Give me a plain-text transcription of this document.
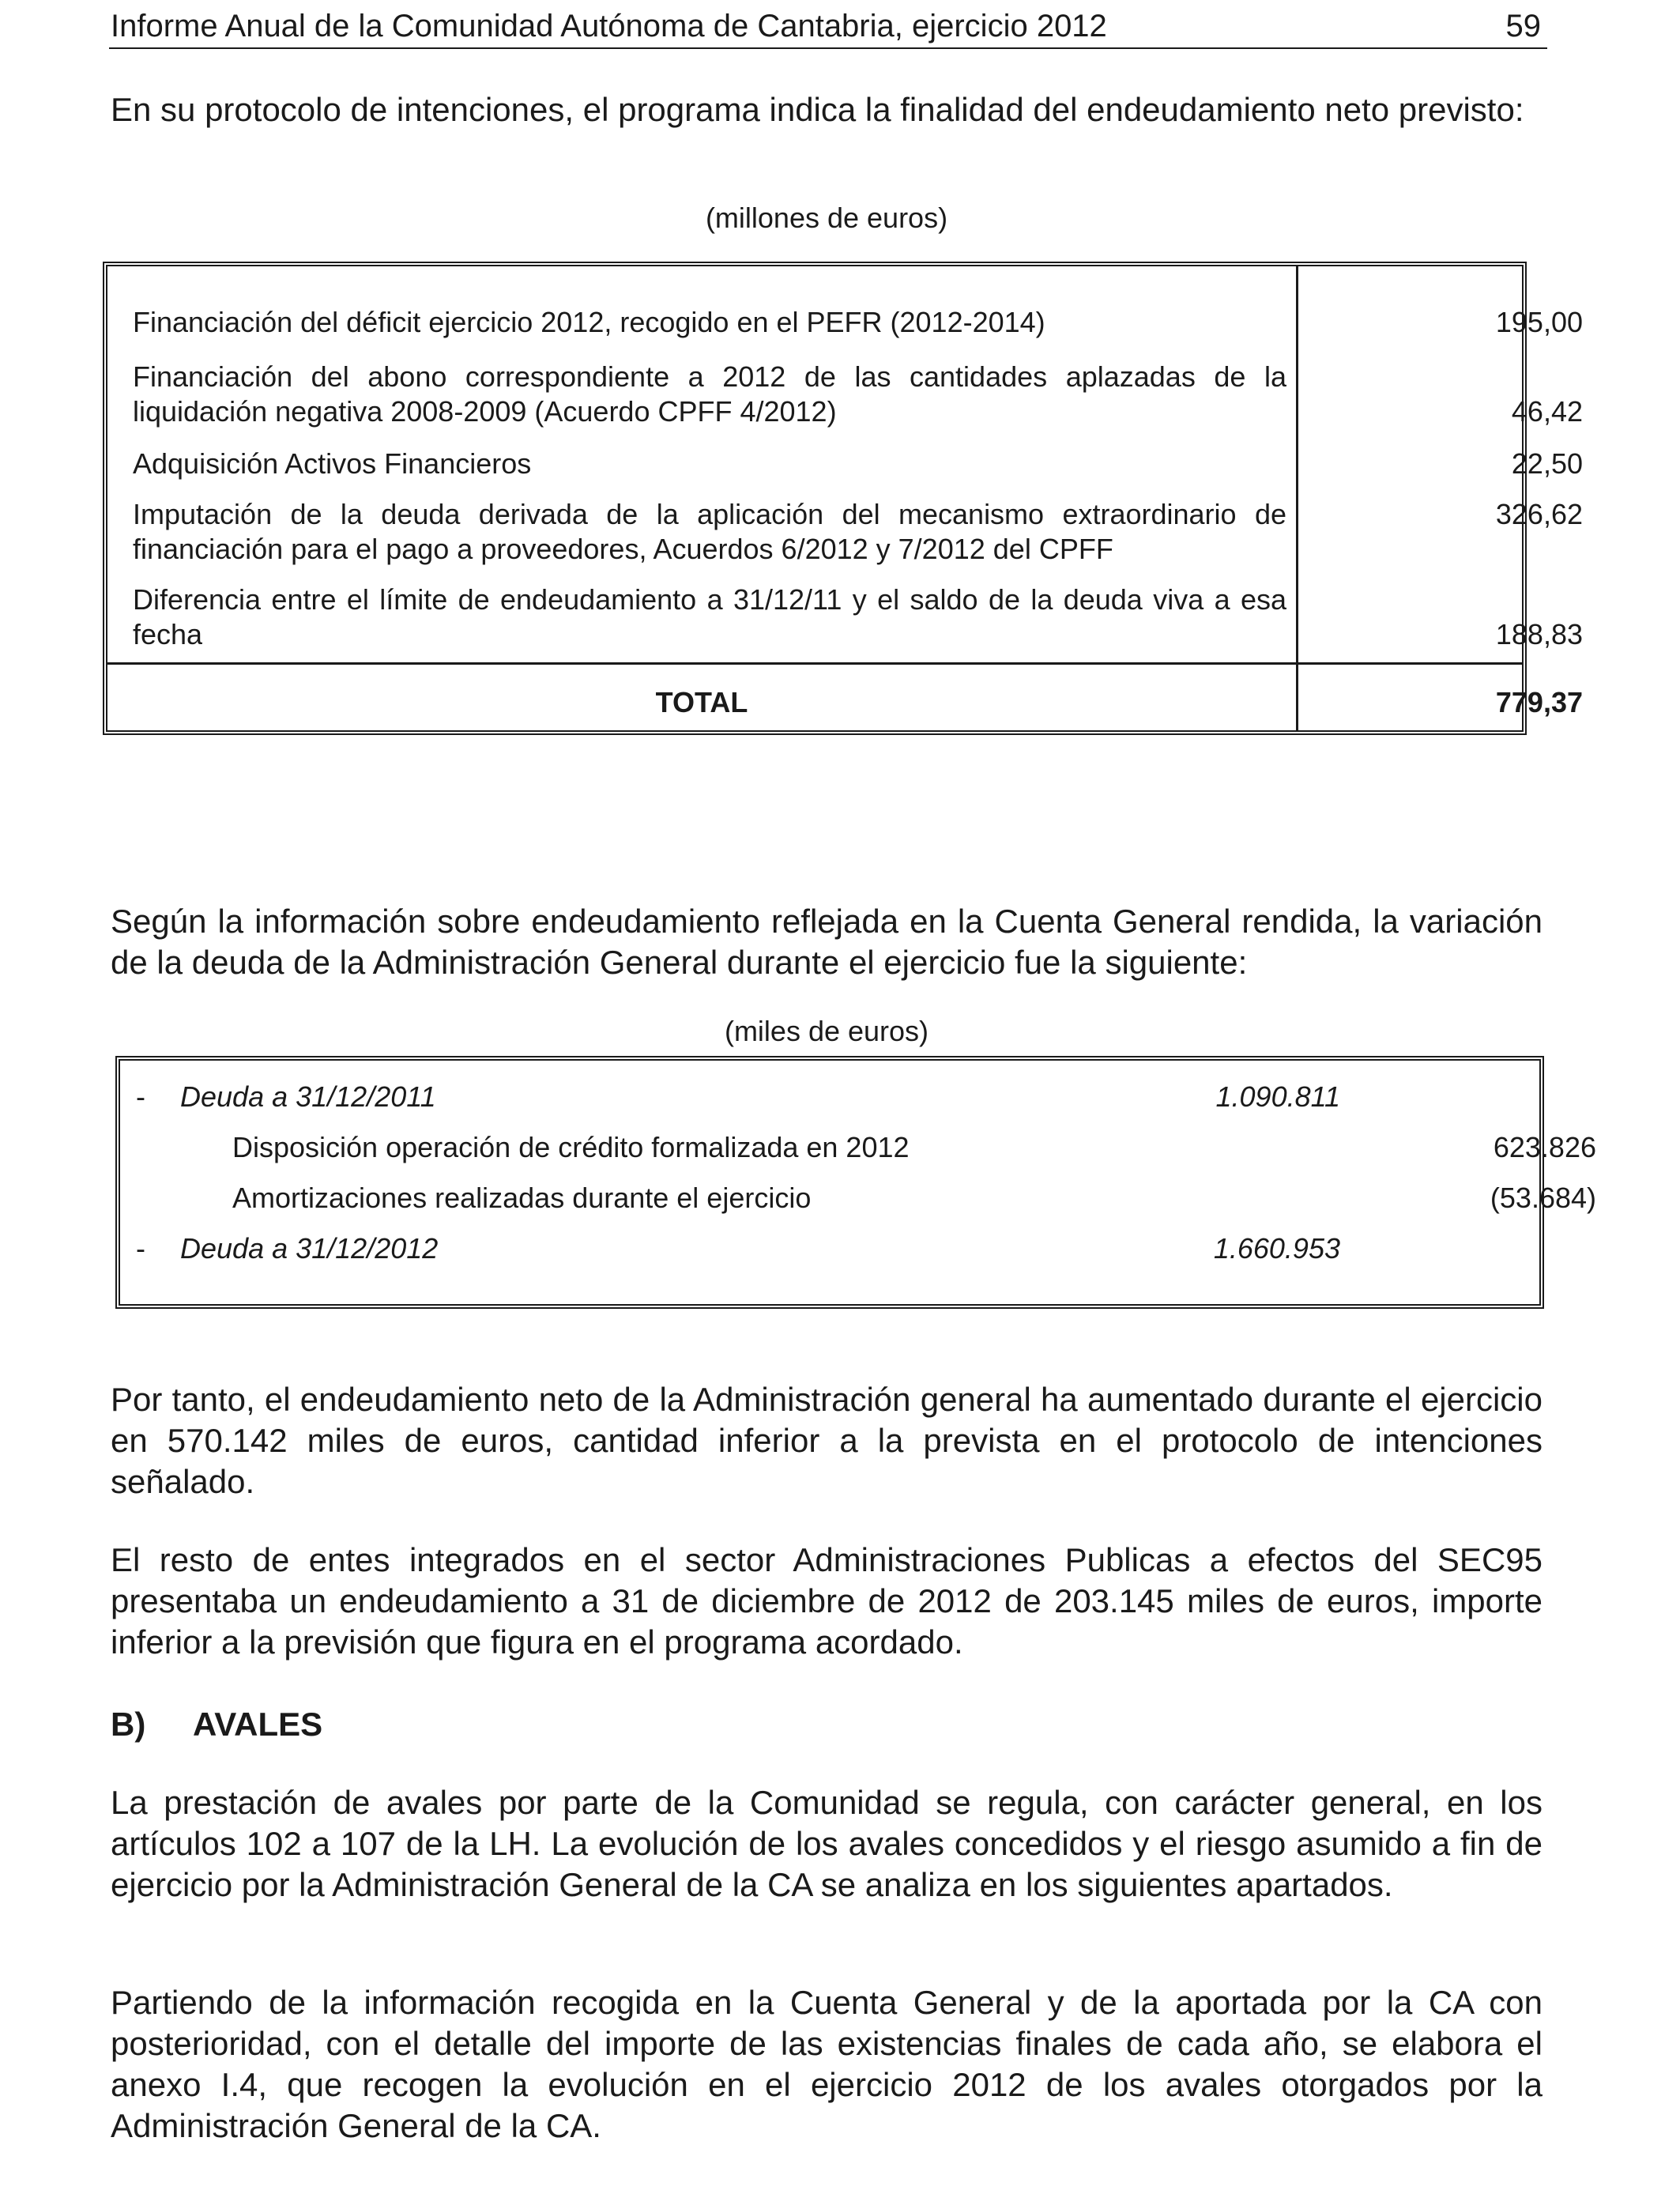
Informe Anual de la Comunidad Autónoma de Cantabria, ejercicio 2012	59

En su protocolo de intenciones, el programa indica la finalidad del endeudamiento neto previsto:

(millones de euros)
Financiación del déficit ejercicio 2012, recogido en el PEFR (2012-2014)	195,00
Financiación del abono correspondiente a 2012 de las cantidades aplazadas de la liquidación negativa 2008-2009 (Acuerdo CPFF 4/2012)	46,42
Adquisición Activos Financieros	22,50
Imputación de la deuda derivada de la aplicación del mecanismo extraordinario de financiación para el pago a proveedores, Acuerdos 6/2012 y 7/2012 del CPFF
326,62
Diferencia entre el límite de endeudamiento a 31/12/11 y el saldo de la deuda viva a esa fecha	188,83
TOTAL	779,37

Según la información sobre endeudamiento reflejada en la Cuenta General rendida, la variación de la deuda de la Administración General durante el ejercicio fue la siguiente:

(miles de euros)
- Deuda a 31/12/2011	1.090.811
Disposición operación de crédito formalizada en 2012	623.826
Amortizaciones realizadas durante el ejercicio	(53.684)
- Deuda a 31/12/2012	1.660.953

Por tanto, el endeudamiento neto de la Administración general ha aumentado durante el ejercicio en 570.142 miles de euros, cantidad inferior a la prevista en el protocolo de intenciones señalado.

El resto de entes integrados en el sector Administraciones Publicas a efectos del SEC95 presentaba un endeudamiento a 31 de diciembre de 2012 de 203.145 miles de euros, importe inferior a la previsión que figura en el programa acordado.

B) AVALES

La prestación de avales por parte de la Comunidad se regula, con carácter general, en los artículos 102 a 107 de la LH. La evolución de los avales concedidos y el riesgo asumido a fin de ejercicio por la Administración General de la CA se analiza en los siguientes apartados.

Partiendo de la información recogida en la Cuenta General y de la aportada por la CA con posterioridad, con el detalle del importe de las existencias finales de cada año, se elabora el anexo I.4, que recogen la evolución en el ejercicio 2012 de los avales otorgados por la Administración General de la CA.
